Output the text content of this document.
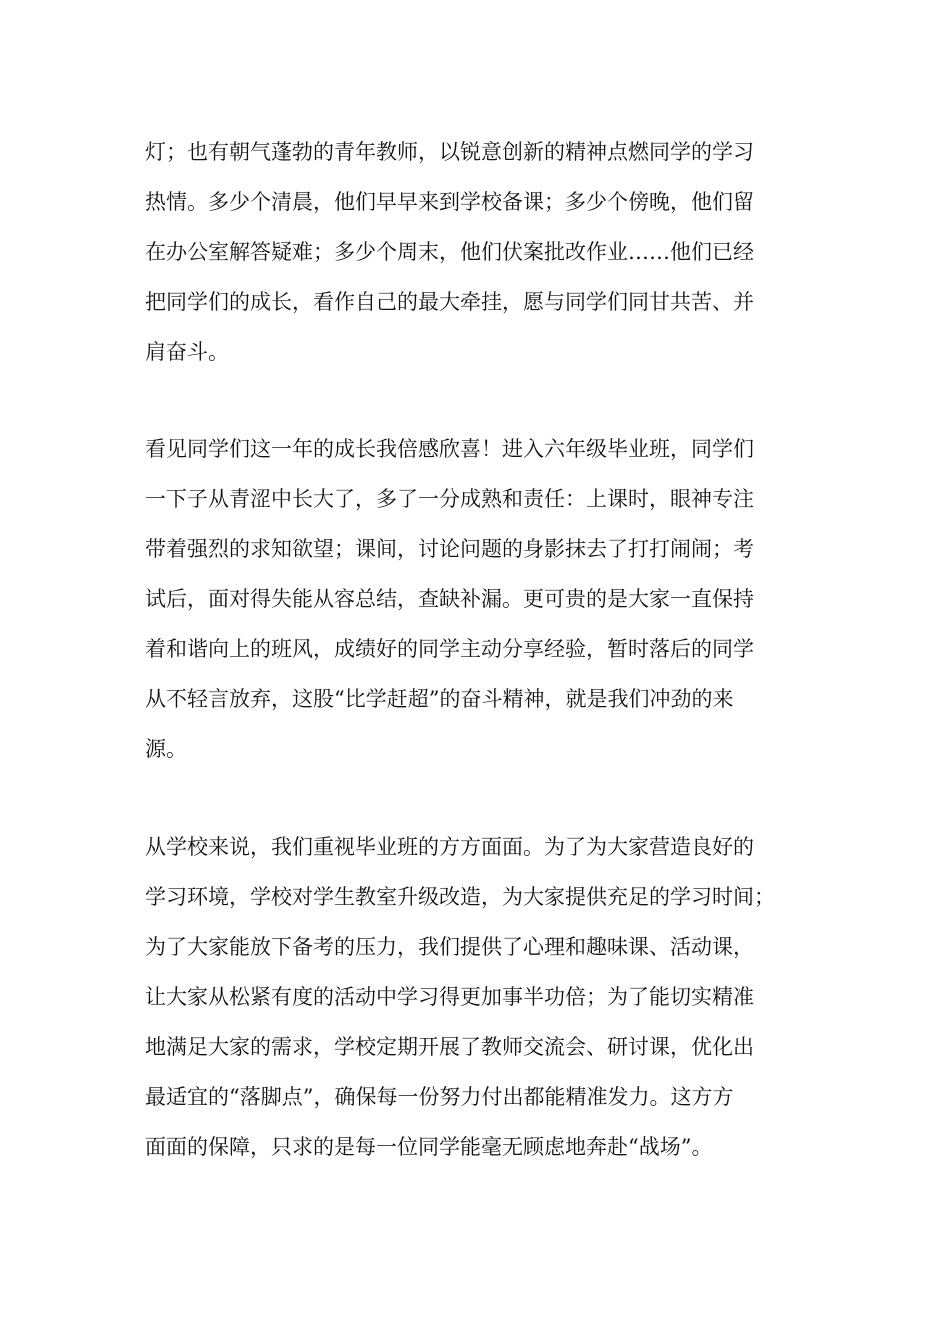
灯；也有朝气蓬勃的青年教师，以锐意创新的精神点燃同学的学习
热情。多少个清晨，他们早早来到学校备课；多少个傍晚，他们留
在办公室解答疑难；多少个周末，他们伏案批改作业……他们已经
把同学们的成长，看作自己的最大牵挂，愿与同学们同甘共苦、并
肩奋斗。
看见同学们这一年的成长我倍感欣喜！进入六年级毕业班，同学们
一下子从青涩中长大了，多了一分成熟和责任：上课时，眼神专注
带着强烈的求知欲望；课间，讨论问题的身影抹去了打打闹闹；考
试后，面对得失能从容总结，查缺补漏。更可贵的是大家一直保持
着和谐向上的班风，成绩好的同学主动分享经验，暂时落后的同学
从不轻言放弃，这股“比学赶超”的奋斗精神，就是我们冲劲的来
源。
从学校来说，我们重视毕业班的方方面面。为了为大家营造良好的
学习环境，学校对学生教室升级改造，为大家提供充足的学习时间；
为了大家能放下备考的压力，我们提供了心理和趣味课、活动课，
让大家从松紧有度的活动中学习得更加事半功倍；为了能切实精准
地满足大家的需求，学校定期开展了教师交流会、研讨课，优化出
最适宜的“落脚点”，确保每一份努力付出都能精准发力。这方方
面面的保障，只求的是每一位同学能毫无顾虑地奔赴“战场”。
